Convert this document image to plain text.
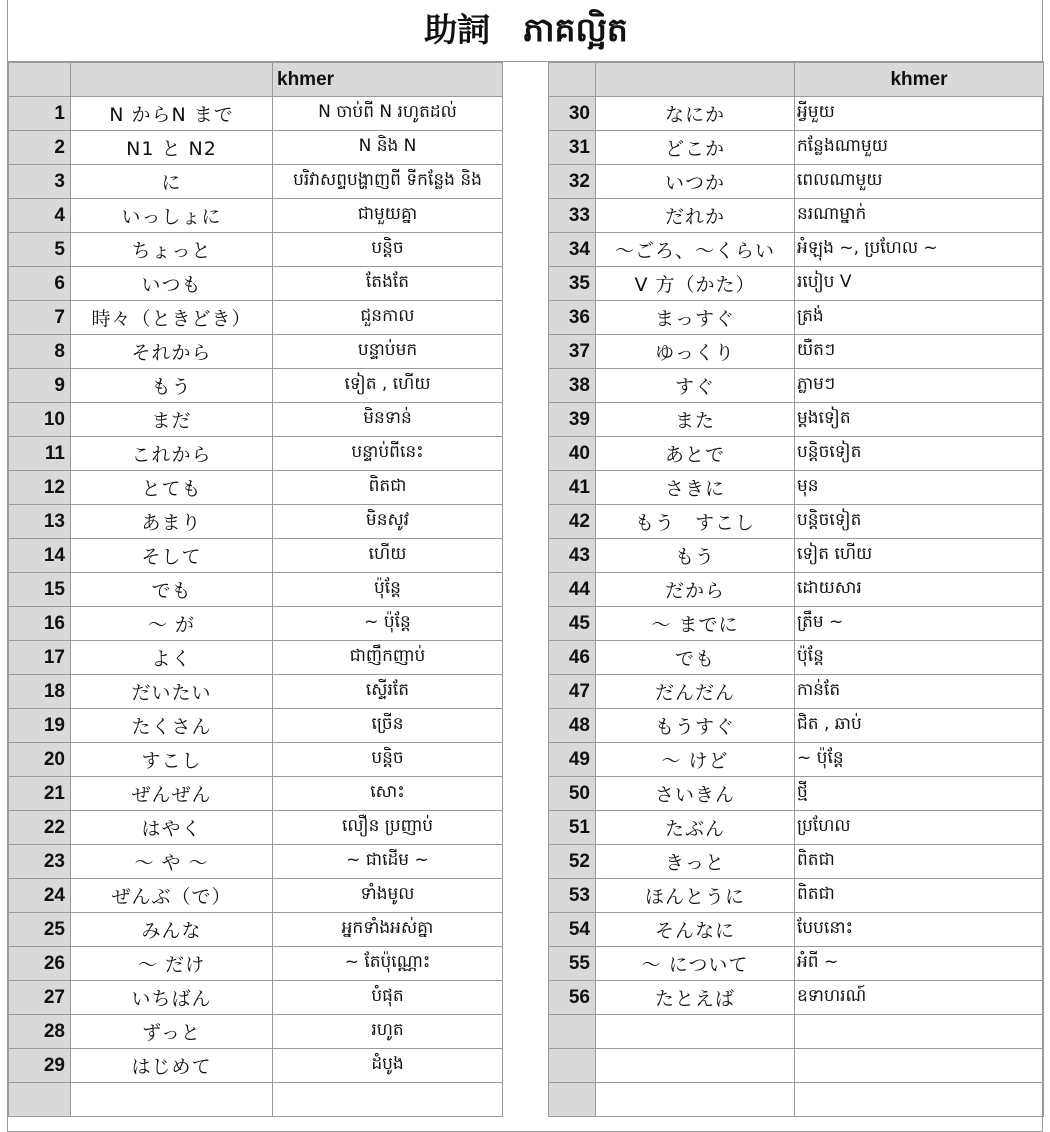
助詞　ភាគល្អិត
		khmer
1	N からN まで	N ចាប់ពី N រហូតដល់
2	N1 と N2	N និង N
3	に	បរិវាសព្ទបង្ហាញពី ទីកន្លែង និង
4	いっしょに	ជាមួយគ្នា
5	ちょっと	បន្តិច
6	いつも	តែងតែ
7	時々（ときどき）	ជួនកាល
8	それから	បន្ទាប់មក
9	もう	ទៀត , ហើយ
10	まだ	មិនទាន់
11	これから	បន្ទាប់ពីនេះ
12	とても	ពិតជា
13	あまり	មិនសូវ
14	そして	ហើយ
15	でも	ប៉ុន្តែ
16	～ が	~ ប៉ុន្តែ
17	よく	ជាញឹកញាប់
18	だいたい	ស្ទើរតែ
19	たくさん	ច្រើន
20	すこし	បន្តិច
21	ぜんぜん	សោះ
22	はやく	លឿន ប្រញាប់
23	～ や ～	~ ជាដើម ~
24	ぜんぶ（で）	ទាំងមូល
25	みんな	អ្នកទាំងអស់គ្នា
26	～ だけ	~ តែប៉ុណ្ណោះ
27	いちばん	បំផុត
28	ずっと	រហូត
29	はじめて	ដំបូង

		khmer
30	なにか	អ្វីមួយ
31	どこか	កន្លែងណាមួយ
32	いつか	ពេលណាមួយ
33	だれか	នរណាម្នាក់
34	～ごろ、～くらい	អំឡុង ~, ប្រហែល ~
35	V 方（かた）	របៀប V
36	まっすぐ	ត្រង់
37	ゆっくり	យឺតៗ
38	すぐ	ភ្លាមៗ
39	また	ម្តងទៀត
40	あとで	បន្តិចទៀត
41	さきに	មុន
42	もう　すこし	បន្តិចទៀត
43	もう	ទៀត ហើយ
44	だから	ដោយសារ
45	～ までに	ត្រឹម ~
46	でも	ប៉ុន្តែ
47	だんだん	កាន់តែ
48	もうすぐ	ជិត , ឆាប់
49	～ けど	~ ប៉ុន្តែ
50	さいきん	ថ្មី
51	たぶん	ប្រហែល
52	きっと	ពិតជា
53	ほんとうに	ពិតជា
54	そんなに	បែបនោះ
55	～ について	អំពី ~
56	たとえば	ឧទាហរណ៍
